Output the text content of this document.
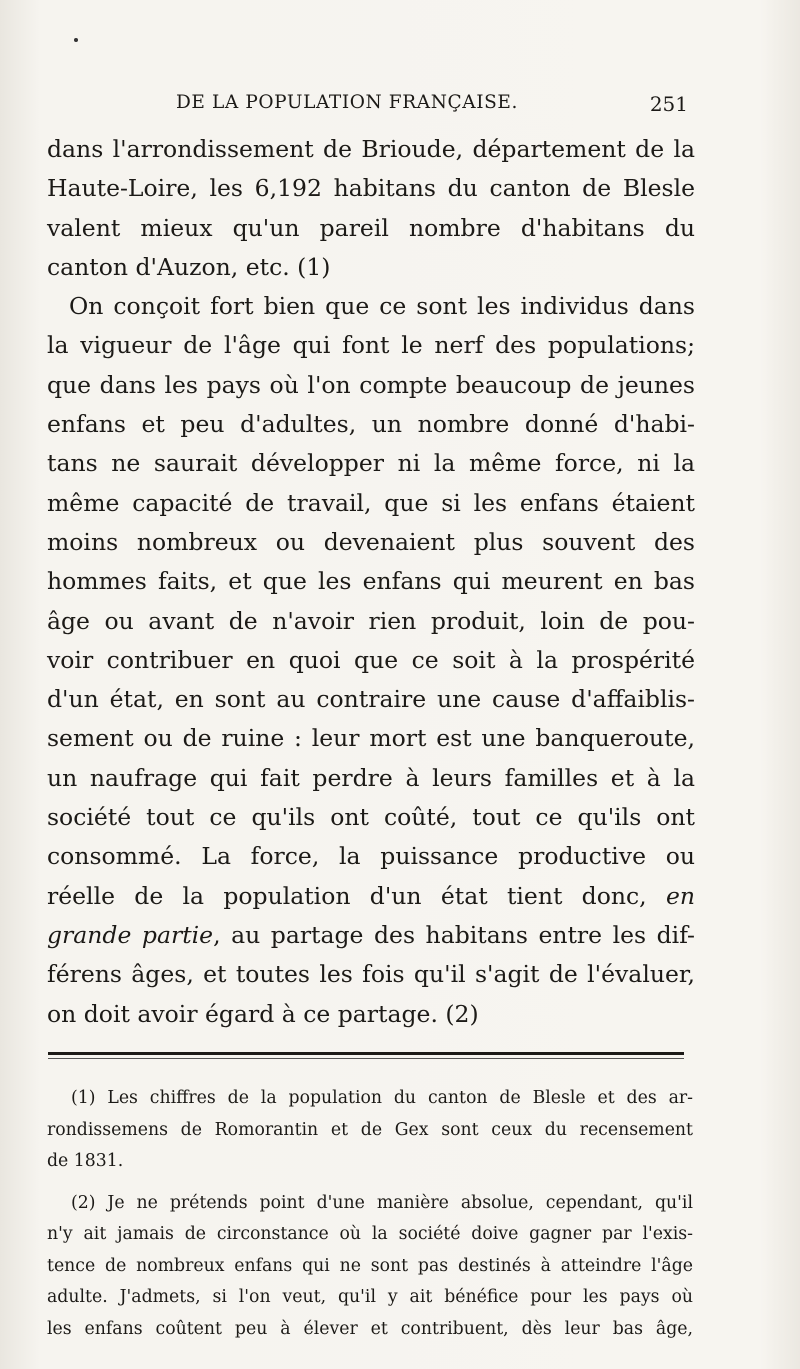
DE LA POPULATION FRANÇAISE.	251
dans l'arrondissement de Brioude, département de la
Haute-Loire, les 6,192 habitans du canton de Blesle
valent mieux qu'un pareil nombre d'habitans du
canton d'Auzon, etc. (1)
On conçoit fort bien que ce sont les individus dans
la vigueur de l'âge qui font le nerf des populations;
que dans les pays où l'on compte beaucoup de jeunes
enfans et peu d'adultes, un nombre donné d'habi-
tans ne saurait développer ni la même force, ni la
même capacité de travail, que si les enfans étaient
moins nombreux ou devenaient plus souvent des
hommes faits, et que les enfans qui meurent en bas
âge ou avant de n'avoir rien produit, loin de pou-
voir contribuer en quoi que ce soit à la prospérité
d'un état, en sont au contraire une cause d'affaiblis-
sement ou de ruine : leur mort est une banqueroute,
un naufrage qui fait perdre à leurs familles et à la
société tout ce qu'ils ont coûté, tout ce qu'ils ont
consommé. La force, la puissance productive ou
réelle de la population d'un état tient donc, en
grande partie, au partage des habitans entre les dif-
férens âges, et toutes les fois qu'il s'agit de l'évaluer,
on doit avoir égard à ce partage. (2)
(1) Les chiffres de la population du canton de Blesle et des ar-
rondissemens de Romorantin et de Gex sont ceux du recensement
de 1831.
(2) Je ne prétends point d'une manière absolue, cependant, qu'il
n'y ait jamais de circonstance où la société doive gagner par l'exis-
tence de nombreux enfans qui ne sont pas destinés à atteindre l'âge
adulte. J'admets, si l'on veut, qu'il y ait bénéfice pour les pays où
les enfans coûtent peu à élever et contribuent, dès leur bas âge,
